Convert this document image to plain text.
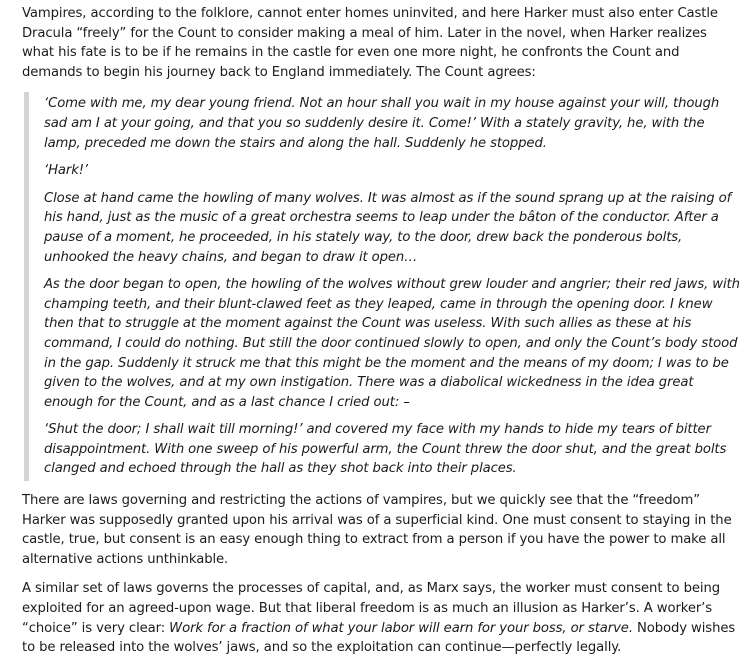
Vampires, according to the folklore, cannot enter homes uninvited, and here Harker must also enter Castle Dracula “freely” for the Count to consider making a meal of him. Later in the novel, when Harker realizes what his fate is to be if he remains in the castle for even one more night, he confronts the Count and demands to begin his journey back to England immediately. The Count agrees:

‘Come with me, my dear young friend. Not an hour shall you wait in my house against your will, though sad am I at your going, and that you so suddenly desire it. Come!’ With a stately gravity, he, with the lamp, preceded me down the stairs and along the hall. Suddenly he stopped.

‘Hark!’

Close at hand came the howling of many wolves. It was almost as if the sound sprang up at the raising of his hand, just as the music of a great orchestra seems to leap under the bâton of the conductor. After a pause of a moment, he proceeded, in his stately way, to the door, drew back the ponderous bolts, unhooked the heavy chains, and began to draw it open…

As the door began to open, the howling of the wolves without grew louder and angrier; their red jaws, with champing teeth, and their blunt-clawed feet as they leaped, came in through the opening door. I knew then that to struggle at the moment against the Count was useless. With such allies as these at his command, I could do nothing. But still the door continued slowly to open, and only the Count’s body stood in the gap. Suddenly it struck me that this might be the moment and the means of my doom; I was to be given to the wolves, and at my own instigation. There was a diabolical wickedness in the idea great enough for the Count, and as a last chance I cried out: –

‘Shut the door; I shall wait till morning!’ and covered my face with my hands to hide my tears of bitter disappointment. With one sweep of his powerful arm, the Count threw the door shut, and the great bolts clanged and echoed through the hall as they shot back into their places.

There are laws governing and restricting the actions of vampires, but we quickly see that the “freedom” Harker was supposedly granted upon his arrival was of a superficial kind. One must consent to staying in the castle, true, but consent is an easy enough thing to extract from a person if you have the power to make all alternative actions unthinkable.

A similar set of laws governs the processes of capital, and, as Marx says, the worker must consent to being exploited for an agreed-upon wage. But that liberal freedom is as much an illusion as Harker’s. A worker’s “choice” is very clear: Work for a fraction of what your labor will earn for your boss, or starve. Nobody wishes to be released into the wolves’ jaws, and so the exploitation can continue—perfectly legally.
